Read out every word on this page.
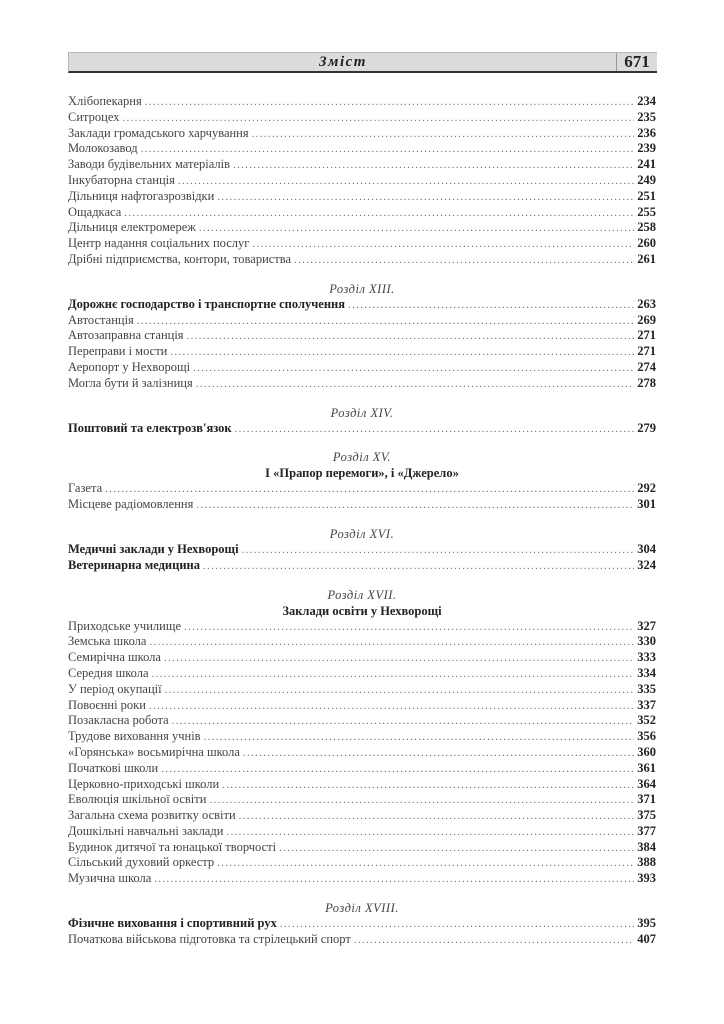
Зміст	671
Хлібопекарня .....	234
Ситроцех .....	235
Заклади громадського харчування .....	236
Молокозавод .....	239
Заводи будівельних матеріалів .....	241
Інкубаторна станція .....	249
Дільниця нафтогазрозвідки .....	251
Ощадкаса .....	255
Дільниця електромереж .....	258
Центр надання соціальних послуг .....	260
Дрібні підприємства, контори, товариства .....	261
Розділ XIII.
Дорожнє господарство і транспортне сполучення .....	263
Автостанція .....	269
Автозаправна станція .....	271
Переправи і мости .....	271
Аеропорт у Нехворощі .....	274
Могла бути й залізниця .....	278
Розділ XIV.
Поштовий та електрозв'язок .....	279
Розділ XV.
І «Прапор перемоги», і «Джерело»
Газета .....	292
Місцеве радіомовлення .....	301
Розділ XVI.
Медичні заклади у Нехворощі .....	304
Ветеринарна медицина .....	324
Розділ XVII.
Заклади освіти у Нехворощі
Приходське училище .....	327
Земська школа .....	330
Семирічна школа .....	333
Середня школа .....	334
У період окупації .....	335
Повоєнні роки .....	337
Позакласна робота .....	352
Трудове виховання учнів .....	356
«Горянська» восьмирічна школа .....	360
Початкові школи .....	361
Церковно-приходські школи .....	364
Еволюція шкільної освіти .....	371
Загальна схема розвитку освіти .....	375
Дошкільні навчальні заклади .....	377
Будинок дитячої та юнацької творчості .....	384
Сільський духовий оркестр .....	388
Музична школа .....	393
Розділ XVIII.
Фізичне виховання і спортивний рух .....	395
Початкова військова підготовка та стрілецький спорт .....	407
